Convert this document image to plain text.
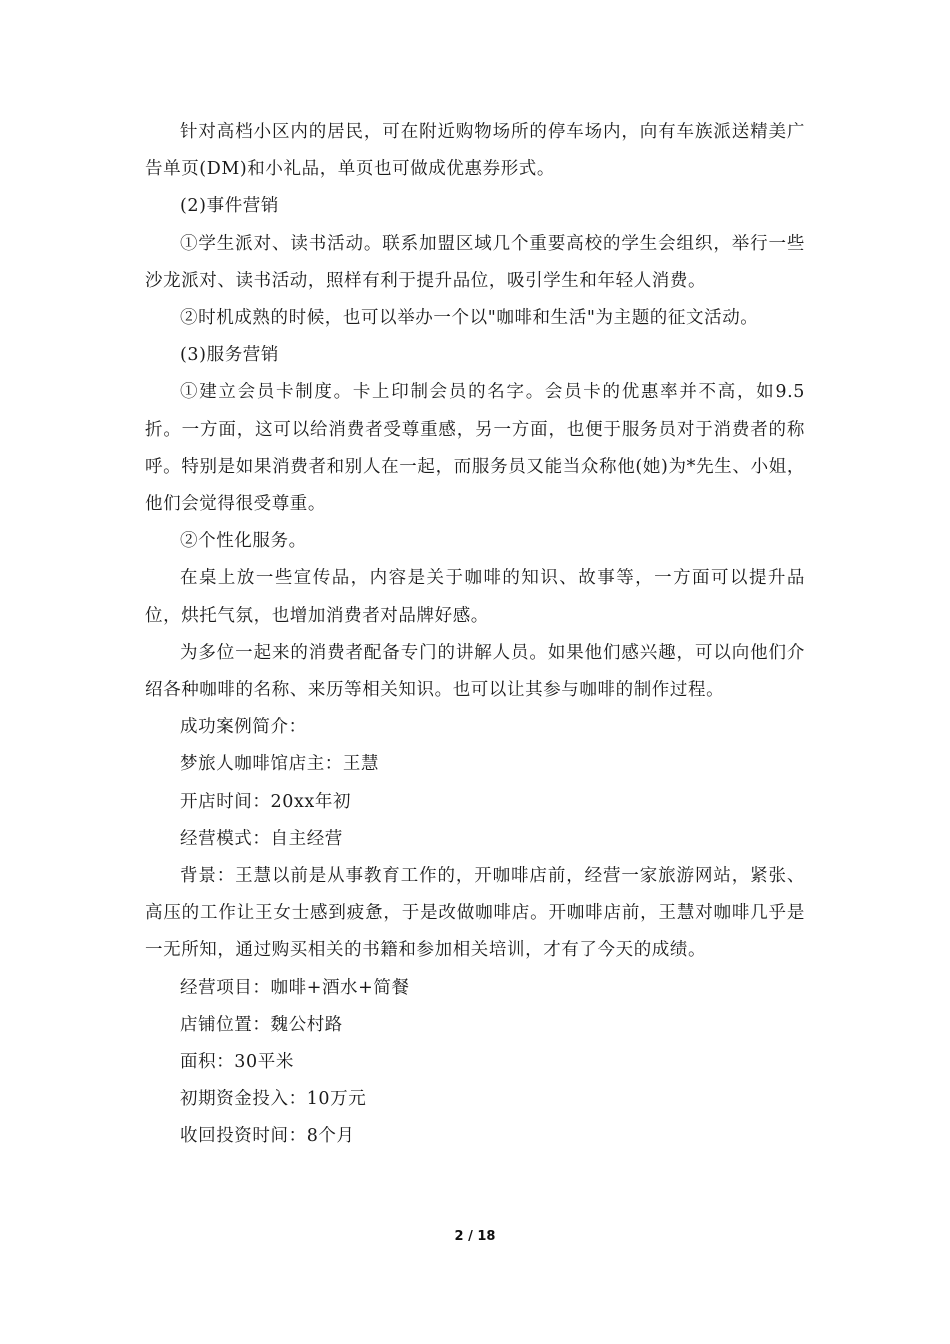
针对高档小区内的居民，可在附近购物场所的停车场内，向有车族派送精美广告单页(DM)和小礼品，单页也可做成优惠券形式。

(2)事件营销

①学生派对、读书活动。联系加盟区域几个重要高校的学生会组织，举行一些沙龙派对、读书活动，照样有利于提升品位，吸引学生和年轻人消费。

②时机成熟的时候，也可以举办一个以"咖啡和生活"为主题的征文活动。

(3)服务营销

①建立会员卡制度。卡上印制会员的名字。会员卡的优惠率并不高，如9.5折。一方面，这可以给消费者受尊重感，另一方面，也便于服务员对于消费者的称呼。特别是如果消费者和别人在一起，而服务员又能当众称他(她)为*先生、小姐，他们会觉得很受尊重。

②个性化服务。

在桌上放一些宣传品，内容是关于咖啡的知识、故事等，一方面可以提升品位，烘托气氛，也增加消费者对品牌好感。

为多位一起来的消费者配备专门的讲解人员。如果他们感兴趣，可以向他们介绍各种咖啡的名称、来历等相关知识。也可以让其参与咖啡的制作过程。

成功案例简介：

梦旅人咖啡馆店主：王慧

开店时间：20xx年初

经营模式：自主经营

背景：王慧以前是从事教育工作的，开咖啡店前，经营一家旅游网站，紧张、高压的工作让王女士感到疲惫，于是改做咖啡店。开咖啡店前，王慧对咖啡几乎是一无所知，通过购买相关的书籍和参加相关培训，才有了今天的成绩。

经营项目：咖啡+酒水+简餐

店铺位置：魏公村路

面积：30平米

初期资金投入：10万元

收回投资时间：8个月

2 / 18
